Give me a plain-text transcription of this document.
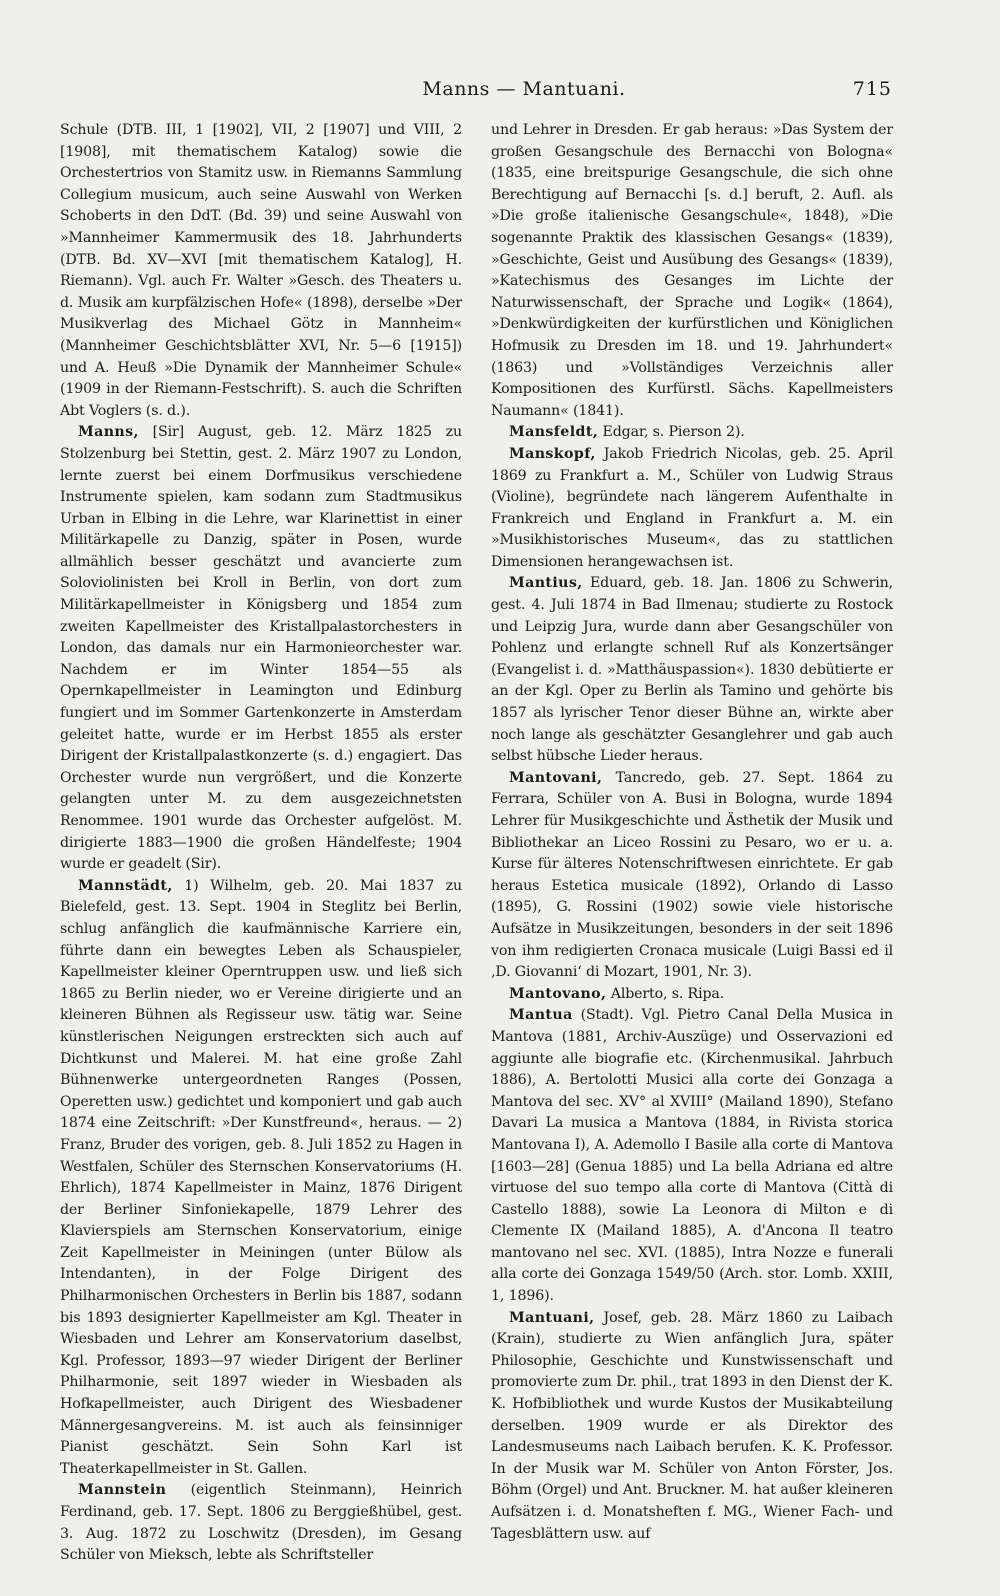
Manns — Mantuani.	715

Schule (DTB. III, 1 [1902], VII, 2 [1907] und VIII, 2 [1908], mit thematischem Katalog) sowie die Orchestertrios von Stamitz usw. in Riemanns Sammlung Collegium musicum, auch seine Auswahl von Werken Schoberts in den DdT. (Bd. 39) und seine Auswahl von »Mannheimer Kammermusik des 18. Jahrhunderts (DTB. Bd. XV—XVI [mit thematischem Katalog], H. Riemann). Vgl. auch Fr. Walter »Gesch. des Theaters u. d. Musik am kurpfälzischen Hofe« (1898), derselbe »Der Musikverlag des Michael Götz in Mannheim« (Mannheimer Geschichtsblätter XVI, Nr. 5—6 [1915]) und A. Heuß »Die Dynamik der Mannheimer Schule« (1909 in der Riemann-Festschrift). S. auch die Schriften Abt Voglers (s. d.).

Manns, [Sir] August, geb. 12. März 1825 zu Stolzenburg bei Stettin, gest. 2. März 1907 zu London, lernte zuerst bei einem Dorfmusikus verschiedene Instrumente spielen, kam sodann zum Stadtmusikus Urban in Elbing in die Lehre, war Klarinettist in einer Militärkapelle zu Danzig, später in Posen, wurde allmählich besser geschätzt und avancierte zum Soloviolinisten bei Kroll in Berlin, von dort zum Militärkapellmeister in Königsberg und 1854 zum zweiten Kapellmeister des Kristallpalastorchesters in London, das damals nur ein Harmonieorchester war. Nachdem er im Winter 1854—55 als Opernkapellmeister in Leamington und Edinburg fungiert und im Sommer Gartenkonzerte in Amsterdam geleitet hatte, wurde er im Herbst 1855 als erster Dirigent der Kristallpalastkonzerte (s. d.) engagiert. Das Orchester wurde nun vergrößert, und die Konzerte gelangten unter M. zu dem ausgezeichnetsten Renommee. 1901 wurde das Orchester aufgelöst. M. dirigierte 1883—1900 die großen Händelfeste; 1904 wurde er geadelt (Sir).

Mannstädt, 1) Wilhelm, geb. 20. Mai 1837 zu Bielefeld, gest. 13. Sept. 1904 in Steglitz bei Berlin, schlug anfänglich die kaufmännische Karriere ein, führte dann ein bewegtes Leben als Schauspieler, Kapellmeister kleiner Operntruppen usw. und ließ sich 1865 zu Berlin nieder, wo er Vereine dirigierte und an kleineren Bühnen als Regisseur usw. tätig war. Seine künstlerischen Neigungen erstreckten sich auch auf Dichtkunst und Malerei. M. hat eine große Zahl Bühnenwerke untergeordneten Ranges (Possen, Operetten usw.) gedichtet und komponiert und gab auch 1874 eine Zeitschrift: »Der Kunstfreund«, heraus. — 2) Franz, Bruder des vorigen, geb. 8. Juli 1852 zu Hagen in Westfalen, Schüler des Sternschen Konservatoriums (H. Ehrlich), 1874 Kapellmeister in Mainz, 1876 Dirigent der Berliner Sinfoniekapelle, 1879 Lehrer des Klavierspiels am Sternschen Konservatorium, einige Zeit Kapellmeister in Meiningen (unter Bülow als Intendanten), in der Folge Dirigent des Philharmonischen Orchesters in Berlin bis 1887, sodann bis 1893 designierter Kapellmeister am Kgl. Theater in Wiesbaden und Lehrer am Konservatorium daselbst, Kgl. Professor, 1893—97 wieder Dirigent der Berliner Philharmonie, seit 1897 wieder in Wiesbaden als Hofkapellmeister, auch Dirigent des Wiesbadener Männergesangvereins. M. ist auch als feinsinniger Pianist geschätzt. Sein Sohn Karl ist Theaterkapellmeister in St. Gallen.

Mannstein (eigentlich Steinmann), Heinrich Ferdinand, geb. 17. Sept. 1806 zu Berggießhübel, gest. 3. Aug. 1872 zu Loschwitz (Dresden), im Gesang Schüler von Mieksch, lebte als Schriftsteller

und Lehrer in Dresden. Er gab heraus: »Das System der großen Gesangschule des Bernacchi von Bologna« (1835, eine breitspurige Gesangschule, die sich ohne Berechtigung auf Bernacchi [s. d.] beruft, 2. Aufl. als »Die große italienische Gesangschule«, 1848), »Die sogenannte Praktik des klassischen Gesangs« (1839), »Geschichte, Geist und Ausübung des Gesangs« (1839), »Katechismus des Gesanges im Lichte der Naturwissenschaft, der Sprache und Logik« (1864), »Denkwürdigkeiten der kurfürstlichen und Königlichen Hofmusik zu Dresden im 18. und 19. Jahrhundert« (1863) und »Vollständiges Verzeichnis aller Kompositionen des Kurfürstl. Sächs. Kapellmeisters Naumann« (1841).

Mansfeldt, Edgar, s. Pierson 2).

Manskopf, Jakob Friedrich Nicolas, geb. 25. April 1869 zu Frankfurt a. M., Schüler von Ludwig Straus (Violine), begründete nach längerem Aufenthalte in Frankreich und England in Frankfurt a. M. ein »Musikhistorisches Museum«, das zu stattlichen Dimensionen herangewachsen ist.

Mantius, Eduard, geb. 18. Jan. 1806 zu Schwerin, gest. 4. Juli 1874 in Bad Ilmenau; studierte zu Rostock und Leipzig Jura, wurde dann aber Gesangschüler von Pohlenz und erlangte schnell Ruf als Konzertsänger (Evangelist i. d. »Matthäuspassion«). 1830 debütierte er an der Kgl. Oper zu Berlin als Tamino und gehörte bis 1857 als lyrischer Tenor dieser Bühne an, wirkte aber noch lange als geschätzter Gesanglehrer und gab auch selbst hübsche Lieder heraus.

Mantovani, Tancredo, geb. 27. Sept. 1864 zu Ferrara, Schüler von A. Busi in Bologna, wurde 1894 Lehrer für Musikgeschichte und Ästhetik der Musik und Bibliothekar an Liceo Rossini zu Pesaro, wo er u. a. Kurse für älteres Notenschriftwesen einrichtete. Er gab heraus Estetica musicale (1892), Orlando di Lasso (1895), G. Rossini (1902) sowie viele historische Aufsätze in Musikzeitungen, besonders in der seit 1896 von ihm redigierten Cronaca musicale (Luigi Bassi ed il ‚D. Giovanni‘ di Mozart, 1901, Nr. 3).

Mantovano, Alberto, s. Ripa.

Mantua (Stadt). Vgl. Pietro Canal Della Musica in Mantova (1881, Archiv-Auszüge) und Osservazioni ed aggiunte alle biografie etc. (Kirchenmusikal. Jahrbuch 1886), A. Bertolotti Musici alla corte dei Gonzaga a Mantova del sec. XV° al XVIII° (Mailand 1890), Stefano Davari La musica a Mantova (1884, in Rivista storica Mantovana I), A. Ademollo I Basile alla corte di Mantova [1603—28] (Genua 1885) und La bella Adriana ed altre virtuose del suo tempo alla corte di Mantova (Città di Castello 1888), sowie La Leonora di Milton e di Clemente IX (Mailand 1885), A. d'Ancona Il teatro mantovano nel sec. XVI. (1885), Intra Nozze e funerali alla corte dei Gonzaga 1549/50 (Arch. stor. Lomb. XXIII, 1, 1896).

Mantuani, Josef, geb. 28. März 1860 zu Laibach (Krain), studierte zu Wien anfänglich Jura, später Philosophie, Geschichte und Kunstwissenschaft und promovierte zum Dr. phil., trat 1893 in den Dienst der K. K. Hofbibliothek und wurde Kustos der Musikabteilung derselben. 1909 wurde er als Direktor des Landesmuseums nach Laibach berufen. K. K. Professor. In der Musik war M. Schüler von Anton Förster, Jos. Böhm (Orgel) und Ant. Bruckner. M. hat außer kleineren Aufsätzen i. d. Monatsheften f. MG., Wiener Fach- und Tagesblättern usw. auf
